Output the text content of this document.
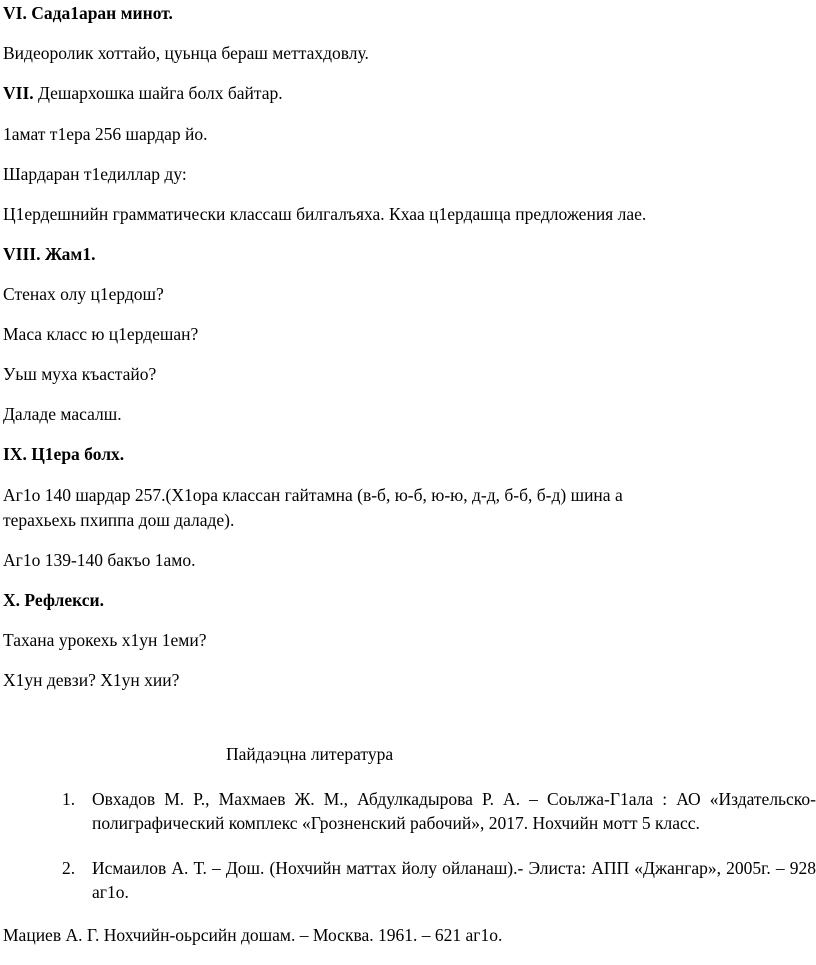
VI. Сада1аран минот.
Видеоролик хоттайо, цуьнца бераш меттахдовлу.
VII. Дешархошка шайга болх байтар.
1амат т1ера 256 шардар йо.
Шардаран т1едиллар ду:
Ц1ердешнийн грамматически классаш билгалъяха. Кхаа ц1ердашца предложения лае.
VIII. Жам1.
Стенах олу ц1ердош?
Маса класс ю ц1ердешан?
Уьш муха къастайо?
Даладе масалш.
IX. Ц1ера болх.
Аг1о 140 шардар 257.(Х1ора классан гайтамна (в-б, ю-б, ю-ю, д-д, б-б, б-д) шина а
терахьехь пхиппа дош даладе).
Аг1о 139-140 бакъо 1амо.
X. Рефлекси.
Тахана урокехь х1ун 1еми?
Х1ун девзи? Х1ун хии?
Пайдаэцна литература
1. Овхадов М. Р., Махмаев Ж. М., Абдулкадырова Р. А. – Соьлжа-Г1ала : АО «Издательско-полиграфический комплекс «Грозненский рабочий», 2017. Нохчийн мотт 5 класс.
2. Исмаилов А. Т. – Дош. (Нохчийн маттах йолу ойланаш).- Элиста: АПП «Джангар», 2005г. – 928 аг1о.
Мациев А. Г. Нохчийн-оьрсийн дошам. – Москва. 1961. – 621 аг1о.
